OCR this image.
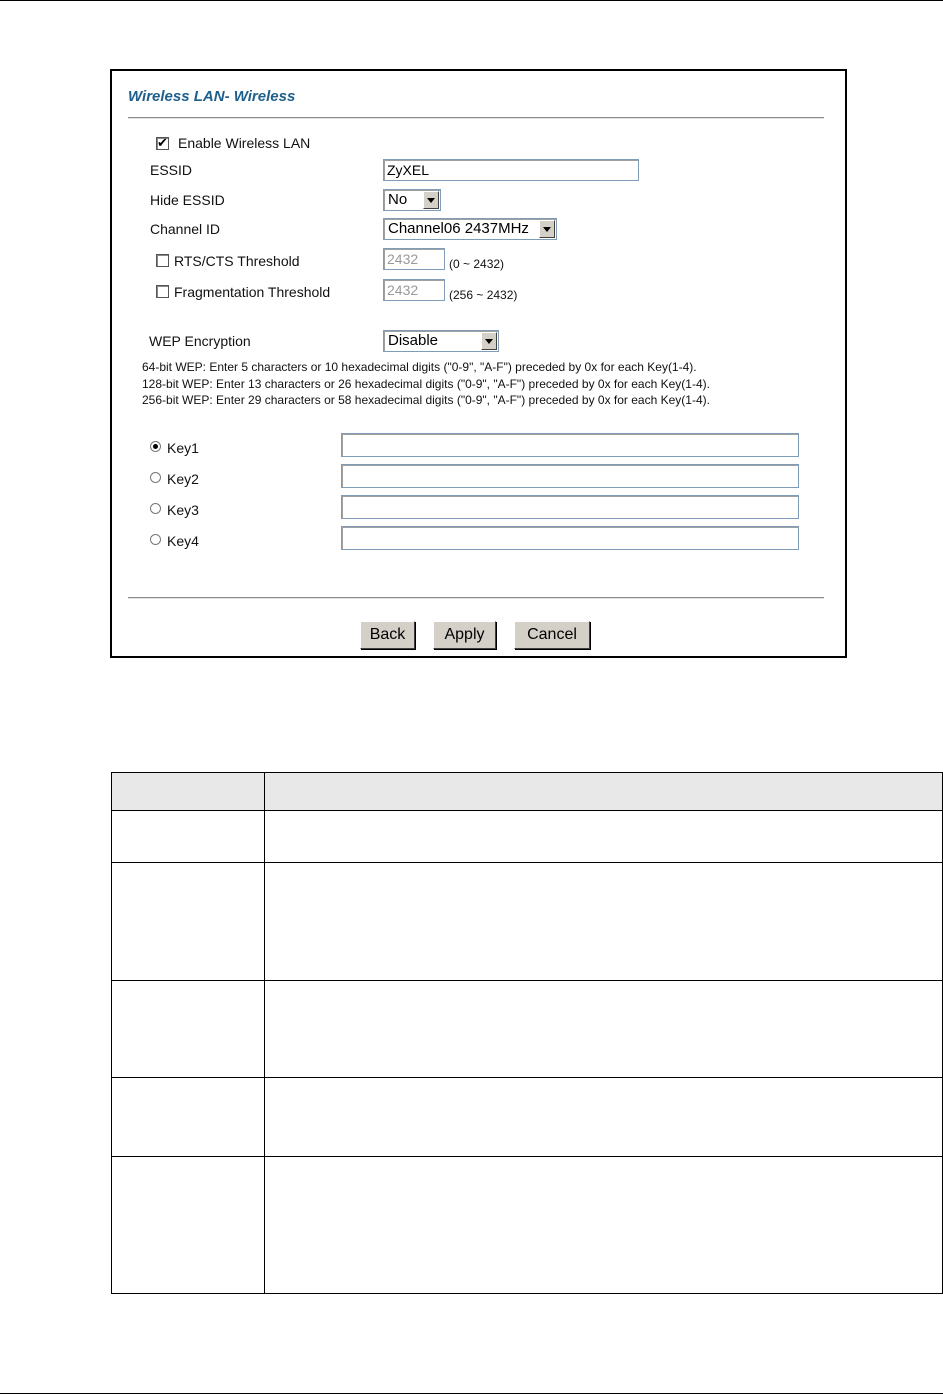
Wireless LAN- Wireless
✔ Enable Wireless LAN
ESSID	ZyXEL
Hide ESSID	No
Channel ID	Channel06 2437MHz
RTS/CTS Threshold	2432	(0 ~ 2432)
Fragmentation Threshold	2432	(256 ~ 2432)
WEP Encryption	Disable
64-bit WEP: Enter 5 characters or 10 hexadecimal digits ("0-9", "A-F") preceded by 0x for each Key(1-4).
128-bit WEP: Enter 13 characters or 26 hexadecimal digits ("0-9", "A-F") preceded by 0x for each Key(1-4).
256-bit WEP: Enter 29 characters or 58 hexadecimal digits ("0-9", "A-F") preceded by 0x for each Key(1-4).
Key1
Key2
Key3
Key4
Back	Apply	Cancel
